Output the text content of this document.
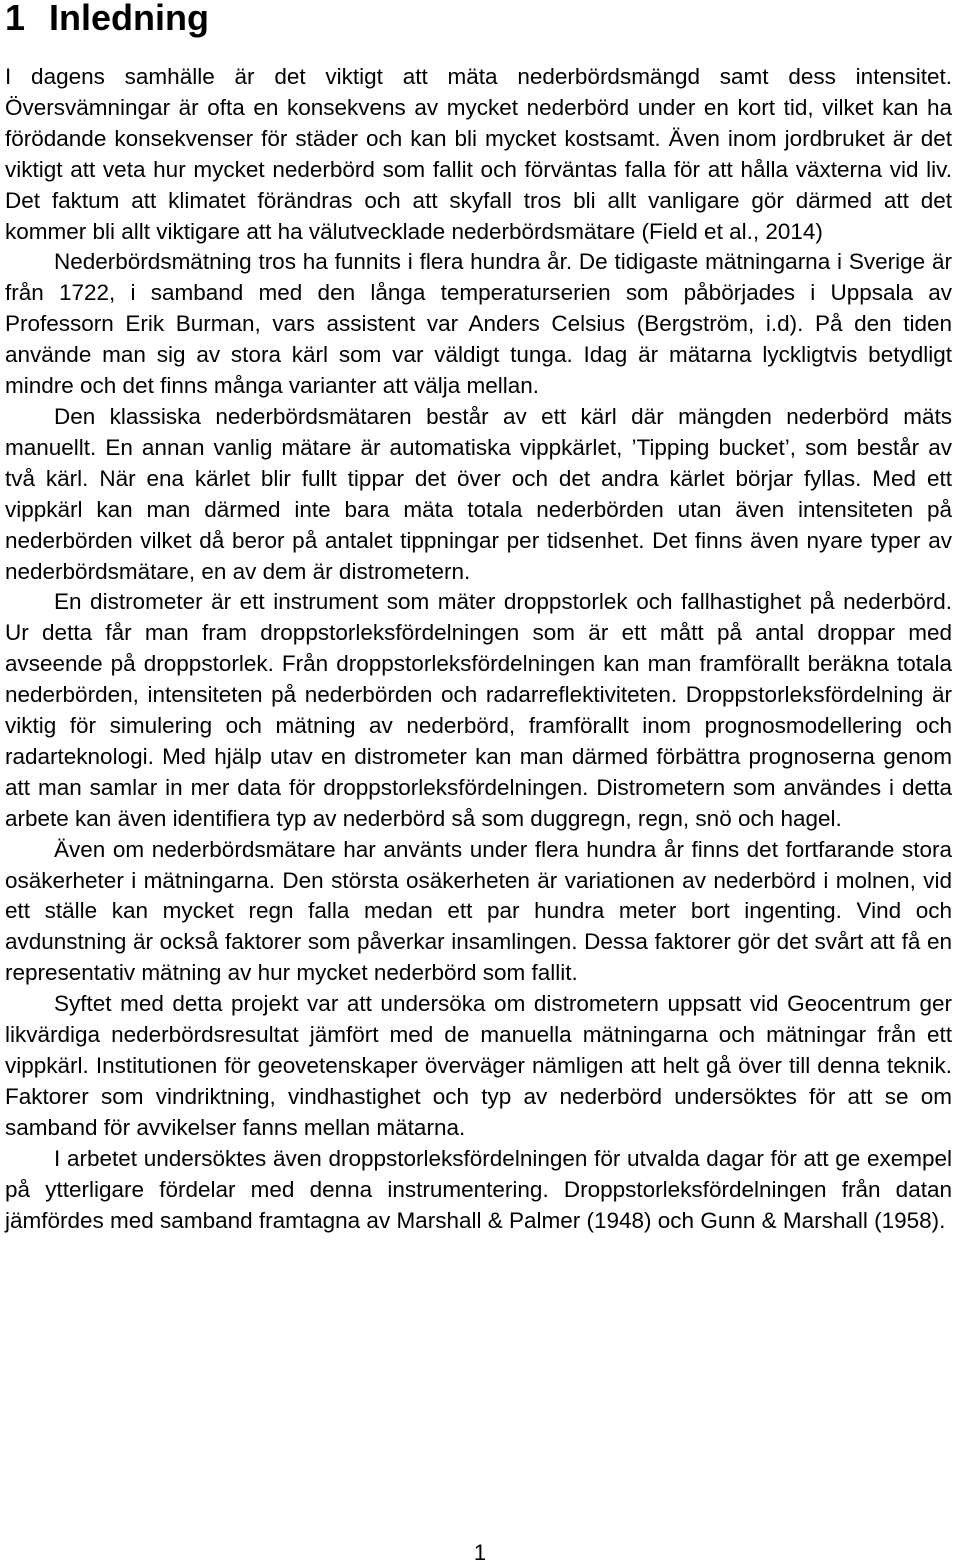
1 Inledning

I dagens samhälle är det viktigt att mäta nederbördsmängd samt dess intensitet. Översvämningar är ofta en konsekvens av mycket nederbörd under en kort tid, vilket kan ha förödande konsekvenser för städer och kan bli mycket kostsamt. Även inom jordbruket är det viktigt att veta hur mycket nederbörd som fallit och förväntas falla för att hålla växterna vid liv. Det faktum att klimatet förändras och att skyfall tros bli allt vanligare gör därmed att det kommer bli allt viktigare att ha välutvecklade nederbördsmätare (Field et al., 2014)

Nederbördsmätning tros ha funnits i flera hundra år. De tidigaste mätningarna i Sverige är från 1722, i samband med den långa temperaturserien som påbörjades i Uppsala av Professorn Erik Burman, vars assistent var Anders Celsius (Bergström, i.d). På den tiden använde man sig av stora kärl som var väldigt tunga. Idag är mätarna lyckligtvis betydligt mindre och det finns många varianter att välja mellan.

Den klassiska nederbördsmätaren består av ett kärl där mängden nederbörd mäts manuellt. En annan vanlig mätare är automatiska vippkärlet, ’Tipping bucket’, som består av två kärl. När ena kärlet blir fullt tippar det över och det andra kärlet börjar fyllas. Med ett vippkärl kan man därmed inte bara mäta totala nederbörden utan även intensiteten på nederbörden vilket då beror på antalet tippningar per tidsenhet. Det finns även nyare typer av nederbördsmätare, en av dem är distrometern.

En distrometer är ett instrument som mäter droppstorlek och fallhastighet på nederbörd. Ur detta får man fram droppstorleksfördelningen som är ett mått på antal droppar med avseende på droppstorlek. Från droppstorleksfördelningen kan man framförallt beräkna totala nederbörden, intensiteten på nederbörden och radarreflektiviteten. Droppstorleksfördelning är viktig för simulering och mätning av nederbörd, framförallt inom prognosmodellering och radarteknologi. Med hjälp utav en distrometer kan man därmed förbättra prognoserna genom att man samlar in mer data för droppstorleksfördelningen. Distrometern som användes i detta arbete kan även identifiera typ av nederbörd så som duggregn, regn, snö och hagel.

Även om nederbördsmätare har använts under flera hundra år finns det fortfarande stora osäkerheter i mätningarna. Den största osäkerheten är variationen av nederbörd i molnen, vid ett ställe kan mycket regn falla medan ett par hundra meter bort ingenting. Vind och avdunstning är också faktorer som påverkar insamlingen. Dessa faktorer gör det svårt att få en representativ mätning av hur mycket nederbörd som fallit.

Syftet med detta projekt var att undersöka om distrometern uppsatt vid Geocentrum ger likvärdiga nederbördsresultat jämfört med de manuella mätningarna och mätningar från ett vippkärl. Institutionen för geovetenskaper överväger nämligen att helt gå över till denna teknik. Faktorer som vindriktning, vindhastighet och typ av nederbörd undersöktes för att se om samband för avvikelser fanns mellan mätarna.

I arbetet undersöktes även droppstorleksfördelningen för utvalda dagar för att ge exempel på ytterligare fördelar med denna instrumentering. Droppstorleksfördelningen från datan jämfördes med samband framtagna av Marshall & Palmer (1948) och Gunn & Marshall (1958).

1
